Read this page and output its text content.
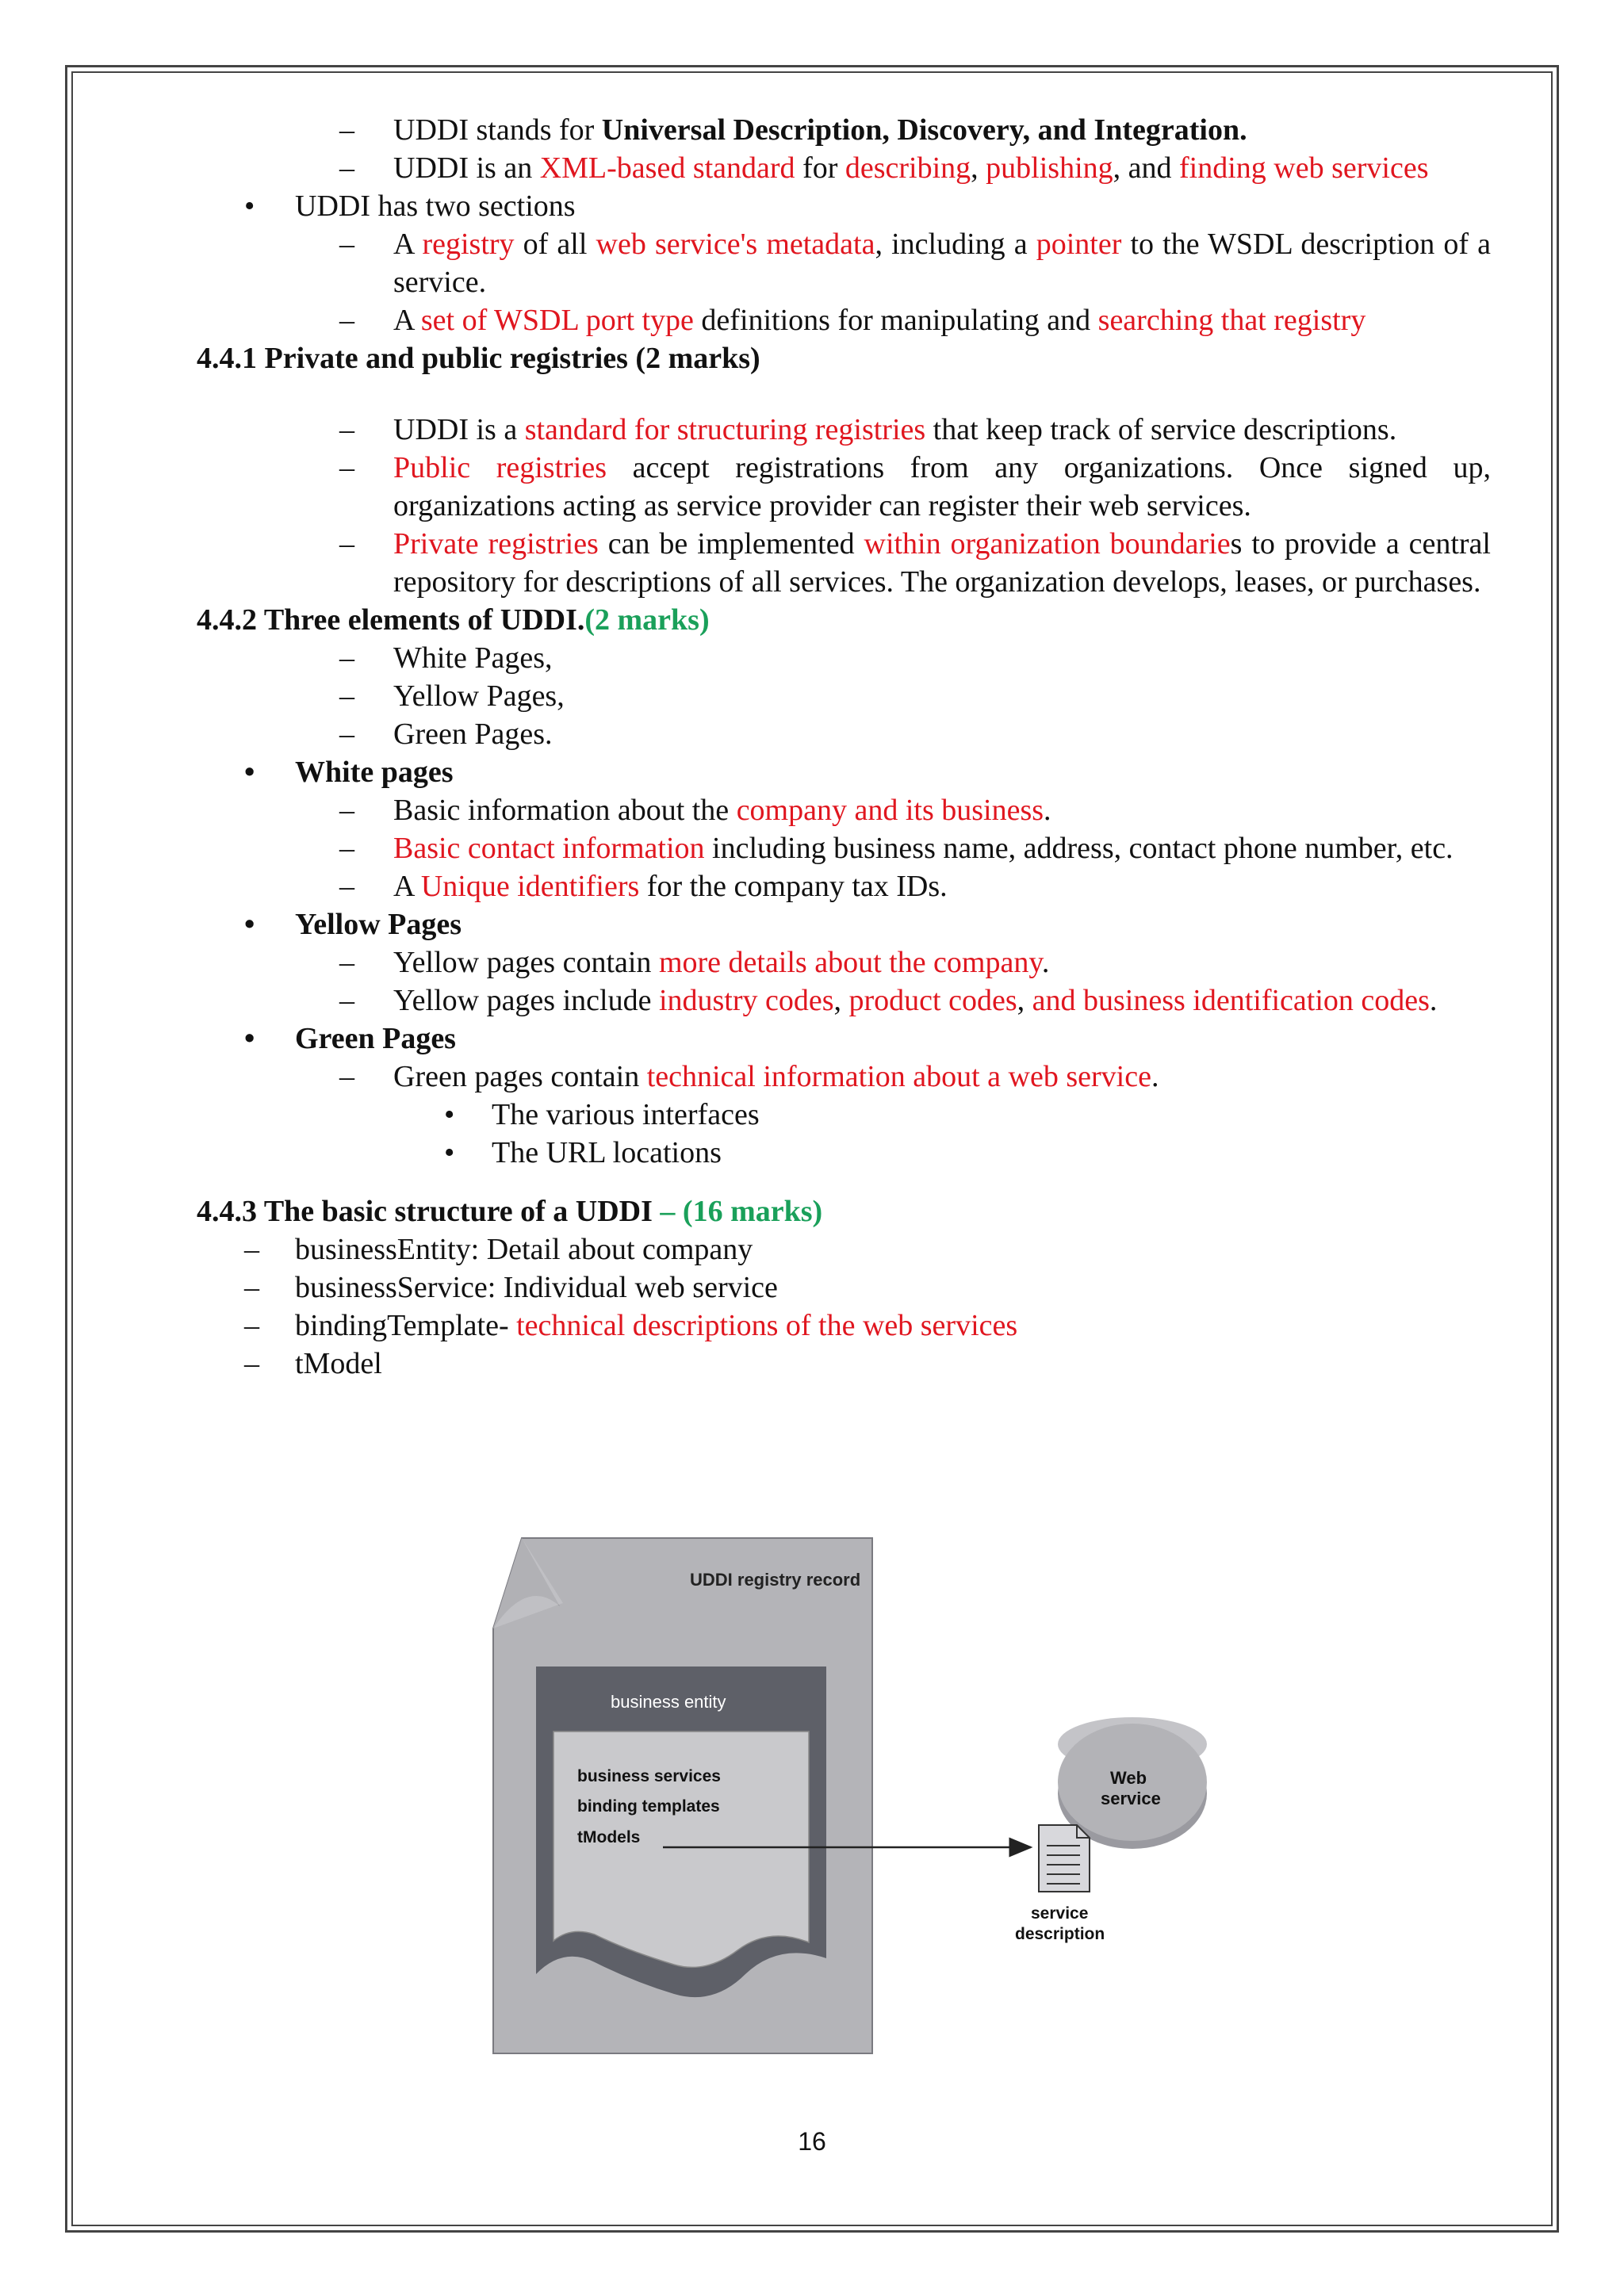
– UDDI stands for Universal Description, Discovery, and Integration.
– UDDI is an XML-based standard for describing, publishing, and finding web services
• UDDI has two sections
– A registry of all web service's metadata, including a pointer to the WSDL description of a service.
– A set of WSDL port type definitions for manipulating and searching that registry
4.4.1 Private and public registries (2 marks)
– UDDI is a standard for structuring registries that keep track of service descriptions.
– Public registries accept registrations from any organizations. Once signed up, organizations acting as service provider can register their web services.
– Private registries can be implemented within organization boundaries to provide a central repository for descriptions of all services. The organization develops, leases, or purchases.
4.4.2 Three elements of UDDI.(2 marks)
– White Pages,
– Yellow Pages,
– Green Pages.
• White pages
– Basic information about the company and its business.
– Basic contact information including business name, address, contact phone number, etc.
– A Unique identifiers for the company tax IDs.
• Yellow Pages
– Yellow pages contain more details about the company.
– Yellow pages include industry codes, product codes, and business identification codes.
• Green Pages
– Green pages contain technical information about a web service.
• The various interfaces
• The URL locations
4.4.3 The basic structure of a UDDI – (16 marks)
– businessEntity: Detail about company
– businessService: Individual web service
– bindingTemplate- technical descriptions of the web services
– tModel
UDDI registry record
business entity
business services
binding templates
tModels
Web
service
service
description
16
